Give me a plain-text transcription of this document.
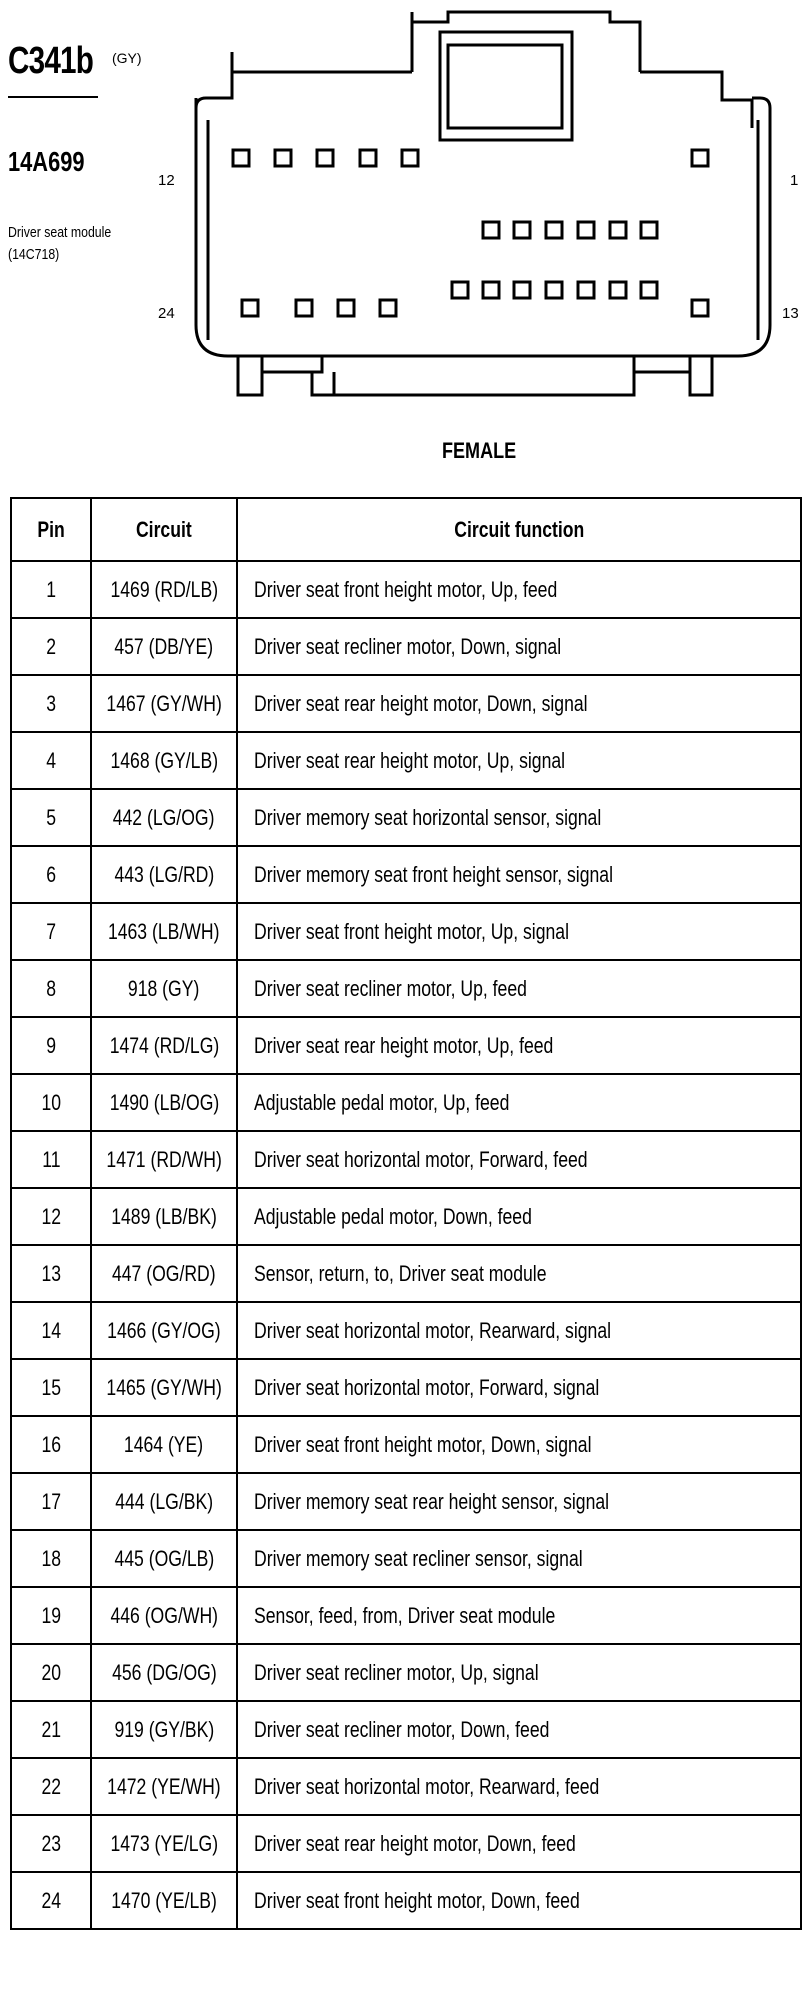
C341b (GY)
14A699
Driver seat module
(14C718)
12	1
24	13
FEMALE
Pin	Circuit	Circuit function
1	1469 (RD/LB)	Driver seat front height motor, Up, feed
2	457 (DB/YE)	Driver seat recliner motor, Down, signal
3	1467 (GY/WH)	Driver seat rear height motor, Down, signal
4	1468 (GY/LB)	Driver seat rear height motor, Up, signal
5	442 (LG/OG)	Driver memory seat horizontal sensor, signal
6	443 (LG/RD)	Driver memory seat front height sensor, signal
7	1463 (LB/WH)	Driver seat front height motor, Up, signal
8	918 (GY)	Driver seat recliner motor, Up, feed
9	1474 (RD/LG)	Driver seat rear height motor, Up, feed
10	1490 (LB/OG)	Adjustable pedal motor, Up, feed
11	1471 (RD/WH)	Driver seat horizontal motor, Forward, feed
12	1489 (LB/BK)	Adjustable pedal motor, Down, feed
13	447 (OG/RD)	Sensor, return, to, Driver seat module
14	1466 (GY/OG)	Driver seat horizontal motor, Rearward, signal
15	1465 (GY/WH)	Driver seat horizontal motor, Forward, signal
16	1464 (YE)	Driver seat front height motor, Down, signal
17	444 (LG/BK)	Driver memory seat rear height sensor, signal
18	445 (OG/LB)	Driver memory seat recliner sensor, signal
19	446 (OG/WH)	Sensor, feed, from, Driver seat module
20	456 (DG/OG)	Driver seat recliner motor, Up, signal
21	919 (GY/BK)	Driver seat recliner motor, Down, feed
22	1472 (YE/WH)	Driver seat horizontal motor, Rearward, feed
23	1473 (YE/LG)	Driver seat rear height motor, Down, feed
24	1470 (YE/LB)	Driver seat front height motor, Down, feed
